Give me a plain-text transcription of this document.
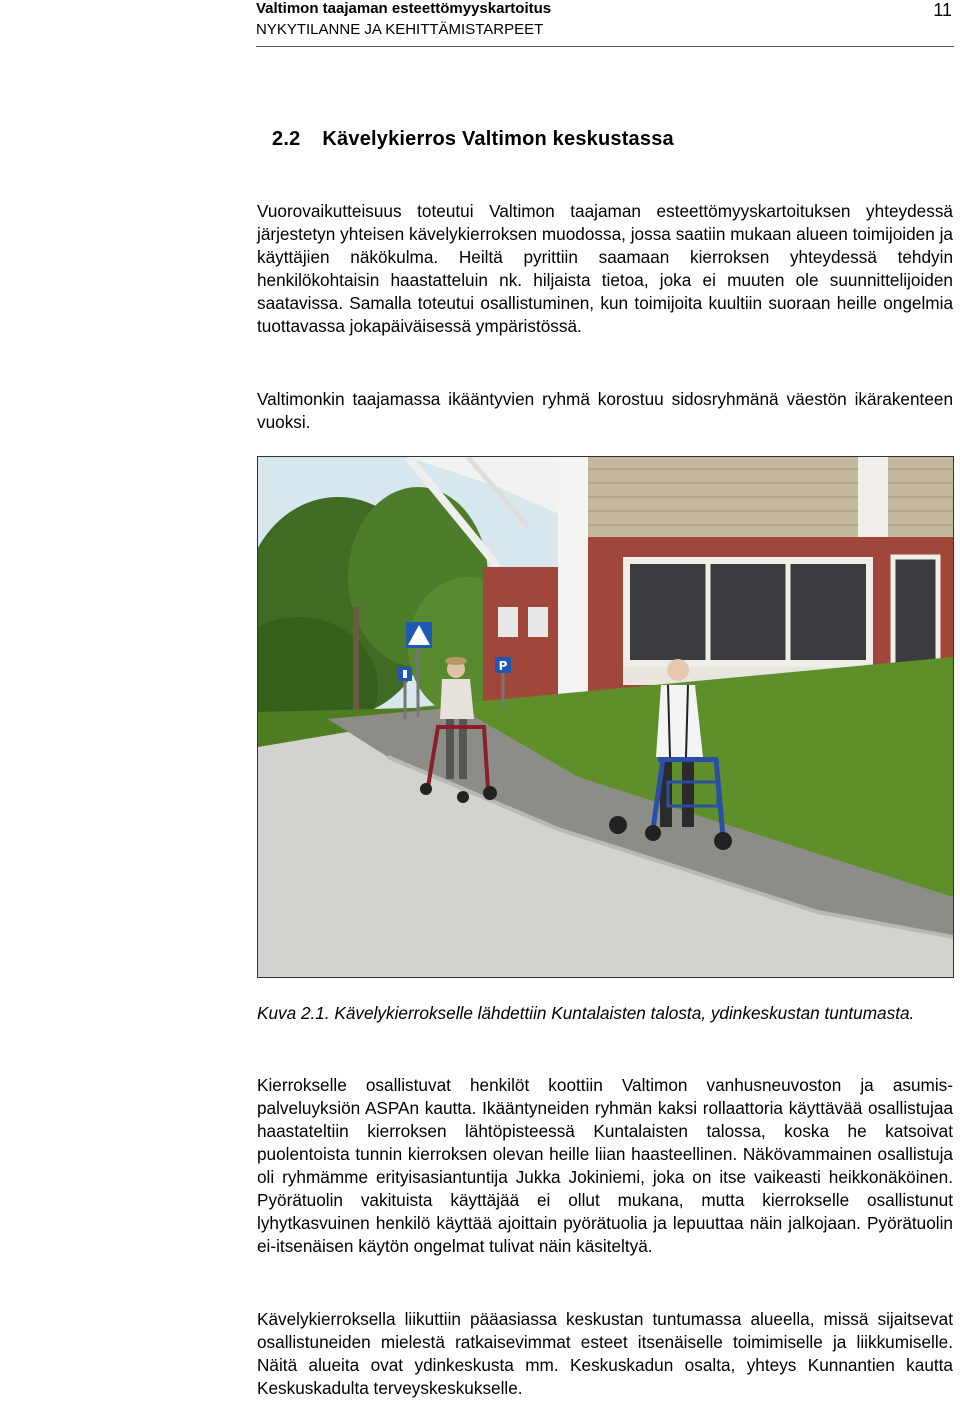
Valtimon taajaman esteettömyyskartoitus
NYKYTILANNE JA KEHITTÄMISTARPEET
11
2.2 Kävelykierros Valtimon keskustassa

Vuorovaikutteisuus toteutui Valtimon taajaman esteettömyyskartoituksen yhteydessä järjestetyn yhteisen kävelykierroksen muodossa, jossa saatiin mukaan alueen toimijoiden ja käyttäjien näkökulma. Heiltä pyrittiin saamaan kierroksen yhteydessä tehdyin henkilökohtaisin haastatteluin nk. hiljaista tietoa, joka ei muuten ole suunnittelijoiden saatavissa. Samalla toteutui osallistuminen, kun toimijoita kuultiin suoraan heille ongelmia tuottavassa jokapäiväisessä ympäristössä.

Valtimonkin taajamassa ikääntyvien ryhmä korostuu sidosryhmänä väestön ikärakenteen vuoksi.

P

Kuva 2.1. Kävelykierrokselle lähdettiin Kuntalaisten talosta, ydinkeskustan tuntumasta.

Kierrokselle osallistuvat henkilöt koottiin Valtimon vanhusneuvoston ja asumis-palveluyksiön ASPAn kautta. Ikääntyneiden ryhmän kaksi rollaattoria käyttävää osallistujaa haastateltiin kierroksen lähtöpisteessä Kuntalaisten talossa, koska he katsoivat puolentoista tunnin kierroksen olevan heille liian haasteellinen. Näkövammainen osallistuja oli ryhmämme erityisasiantuntija Jukka Jokiniemi, joka on itse vaikeasti heikkonäköinen. Pyörätuolin vakituista käyttäjää ei ollut mukana, mutta kierrokselle osallistunut lyhytkasvuinen henkilö käyttää ajoittain pyörätuolia ja lepuuttaa näin jalkojaan. Pyörätuolin ei-itsenäisen käytön ongelmat tulivat näin käsiteltyä.

Kävelykierroksella liikuttiin pääasiassa keskustan tuntumassa alueella, missä sijaitsevat osallistuneiden mielestä ratkaisevimmat esteet itsenäiselle toimimiselle ja liikkumiselle. Näitä alueita ovat ydinkeskusta mm. Keskuskadun osalta, yhteys Kunnantien kautta Keskuskadulta terveyskeskukselle.
